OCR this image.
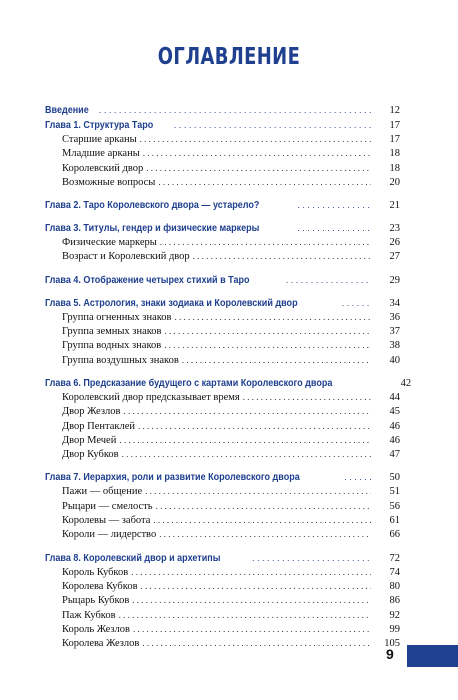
ОГЛАВЛЕНИЕ
Введение . . .	12
Глава 1. Структура Таро . . .	17
Старшие арканы . . .	17
Младшие арканы . . .	18
Королевский двор . . .	18
Возможные вопросы . . .	20
Глава 2. Таро Королевского двора — устарело? . . .	21
Глава 3. Титулы, гендер и физические маркеры . . .	23
Физические маркеры . . .	26
Возраст и Королевский двор . . .	27
Глава 4. Отображение четырех стихий в Таро . . .	29
Глава 5. Астрология, знаки зодиака и Королевский двор . . .	34
Группа огненных знаков . . .	36
Группа земных знаков . . .	37
Группа водных знаков . . .	38
Группа воздушных знаков . . .	40
Глава 6. Предсказание будущего с картами Королевского двора	42
Королевский двор предсказывает время . . .	44
Двор Жезлов . . .	45
Двор Пентаклей . . .	46
Двор Мечей . . .	46
Двор Кубков . . .	47
Глава 7. Иерархия, роли и развитие Королевского двора . . .	50
Пажи — общение . . .	51
Рыцари — смелость . . .	56
Королевы — забота . . .	61
Короли — лидерство . . .	66
Глава 8. Королевский двор и архетипы . . .	72
Король Кубков . . .	74
Королева Кубков . . .	80
Рыцарь Кубков . . .	86
Паж Кубков . . .	92
Король Жезлов . . .	99
Королева Жезлов . . .	105
9
